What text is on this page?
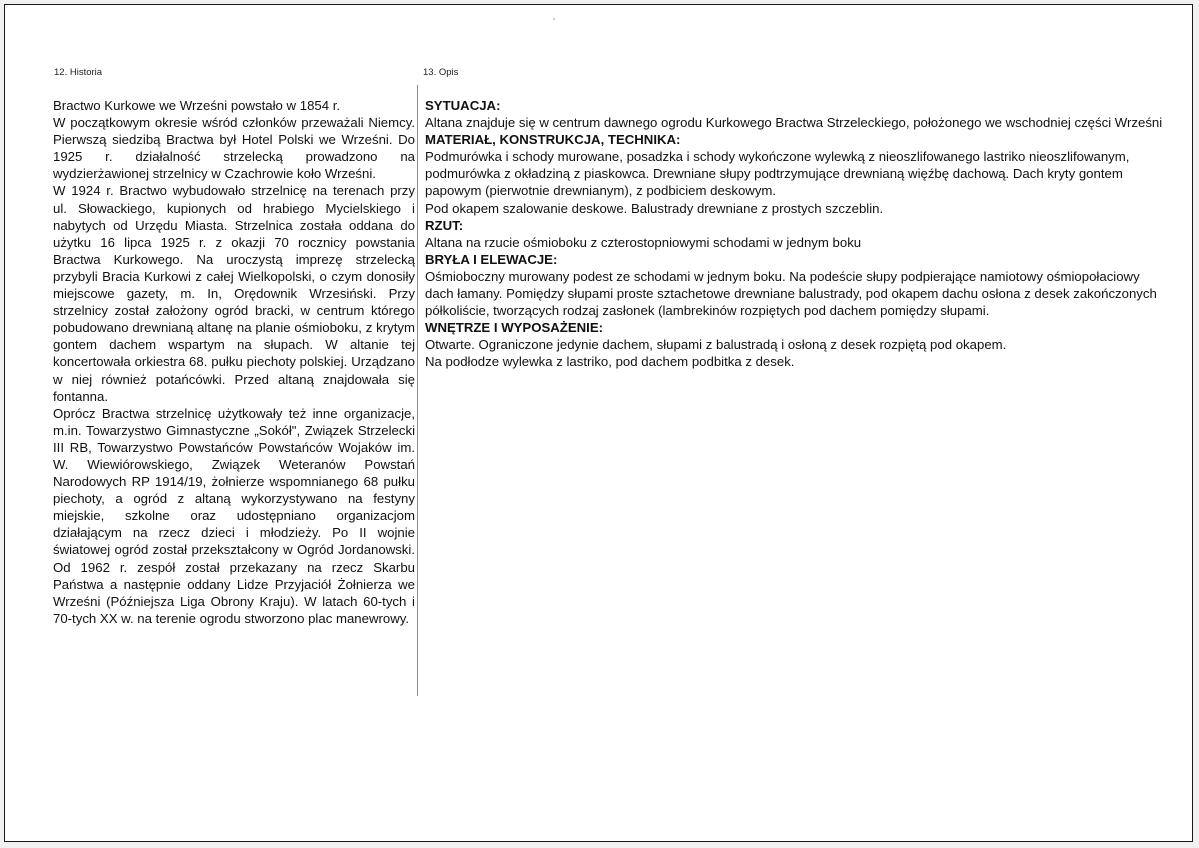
12. Historia	13. Opis

Bractwo Kurkowe we Wrześni powstało w 1854 r.

W początkowym okresie wśród członków przeważali Niemcy. Pierwszą siedzibą Bractwa był Hotel Polski we Wrześni. Do 1925 r. działalność strzelecką prowadzono na wydzierżawionej strzelnicy w Czachrowie koło Wrześni.

W 1924 r. Bractwo wybudowało strzelnicę na terenach przy ul. Słowackiego, kupionych od hrabiego Mycielskiego i nabytych od Urzędu Miasta. Strzelnica została oddana do użytku 16 lipca 1925 r. z okazji 70 rocznicy powstania Bractwa Kurkowego. Na uroczystą imprezę strzelecką przybyli Bracia Kurkowi z całej Wielkopolski, o czym donosiły miejscowe gazety, m. In, Orędownik Wrzesiński. Przy strzelnicy został założony ogród bracki, w centrum którego pobudowano drewnianą altanę na planie ośmioboku, z krytym gontem dachem wspartym na słupach. W altanie tej koncertowała orkiestra 68. pułku piechoty polskiej. Urządzano w niej również potańcówki. Przed altaną znajdowała się fontanna.

Oprócz Bractwa strzelnicę użytkowały też inne organizacje, m.in. Towarzystwo Gimnastyczne „Sokół", Związek Strzelecki III RB, Towarzystwo Powstańców Powstańców Wojaków im. W. Wiewiórowskiego, Związek Weteranów Powstań Narodowych RP 1914/19, żołnierze wspomnianego 68 pułku piechoty, a ogród z altaną wykorzystywano na festyny miejskie, szkolne oraz udostępniano organizacjom działającym na rzecz dzieci i młodzieży. Po II wojnie światowej ogród został przekształcony w Ogród Jordanowski. Od 1962 r. zespół został przekazany na rzecz Skarbu Państwa a następnie oddany Lidze Przyjaciół Żołnierza we Wrześni (Późniejsza Liga Obrony Kraju). W latach 60-tych i 70-tych XX w. na terenie ogrodu stworzono plac manewrowy.

SYTUACJA:

Altana znajduje się w centrum dawnego ogrodu Kurkowego Bractwa Strzeleckiego, położonego we wschodniej części Wrześni

MATERIAŁ, KONSTRUKCJA, TECHNIKA:

Podmurówka i schody murowane, posadzka i schody wykończone wylewką z nieoszlifowanego lastriko nieoszlifowanym, podmurówka z okładziną z piaskowca. Drewniane słupy podtrzymujące drewnianą więźbę dachową. Dach kryty gontem papowym (pierwotnie drewnianym), z podbiciem deskowym.

Pod okapem szalowanie deskowe. Balustrady drewniane z prostych szczeblin.

RZUT:

Altana na rzucie ośmioboku z czterostopniowymi schodami w jednym boku

BRYŁA I ELEWACJE:

Ośmioboczny murowany podest ze schodami w jednym boku. Na podeście słupy podpierające namiotowy ośmiopołaciowy dach łamany. Pomiędzy słupami proste sztachetowe drewniane balustrady, pod okapem dachu osłona z desek zakończonych półkoliście, tworzących rodzaj zasłonek (lambrekinów rozpiętych pod dachem pomiędzy słupami.

WNĘTRZE I WYPOSAŻENIE:

Otwarte. Ograniczone jedynie dachem, słupami z balustradą i osłoną z desek rozpiętą pod okapem.

Na podłodze wylewka z lastriko, pod dachem podbitka z desek.
